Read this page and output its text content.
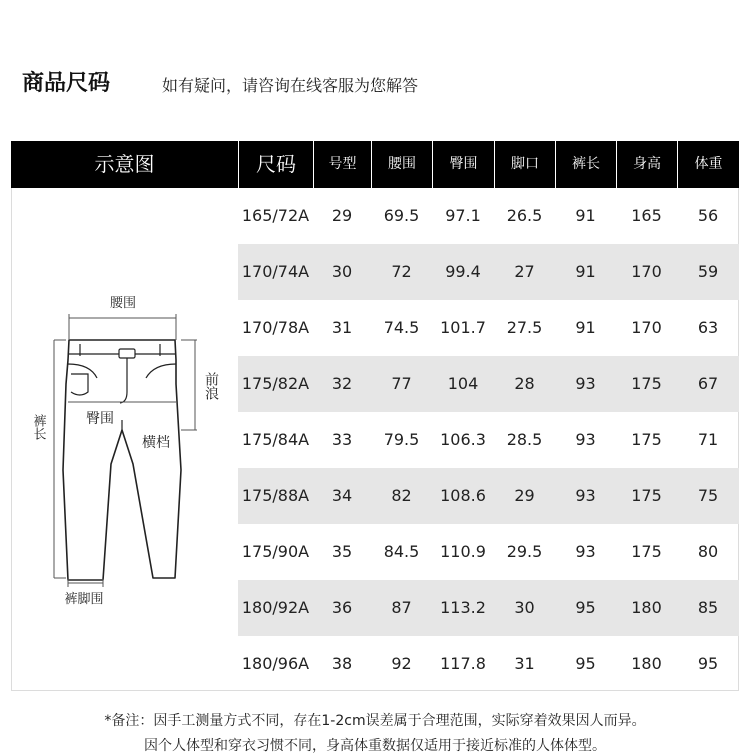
商品尺码	如有疑问，请咨询在线客服为您解答
示意图	尺码	号型	腰围	臀围	脚口	裤长	身高	体重
165/72A	29	69.5	97.1	26.5	91	165	56
170/74A	30	72	99.4	27	91	170	59
170/78A	31	74.5	101.7	27.5	91	170	63
175/82A	32	77	104	28	93	175	67
175/84A	33	79.5	106.3	28.5	93	175	71
175/88A	34	82	108.6	29	93	175	75
175/90A	35	84.5	110.9	29.5	93	175	80
180/92A	36	87	113.2	30	95	180	85
180/96A	38	92	117.8	31	95	180	95
腰围
臀围
横档
裤脚围
前浪
裤长
*备注：因手工测量方式不同，存在1-2cm误差属于合理范围，实际穿着效果因人而异。
因个人体型和穿衣习惯不同，身高体重数据仅适用于接近标准的人体体型。
